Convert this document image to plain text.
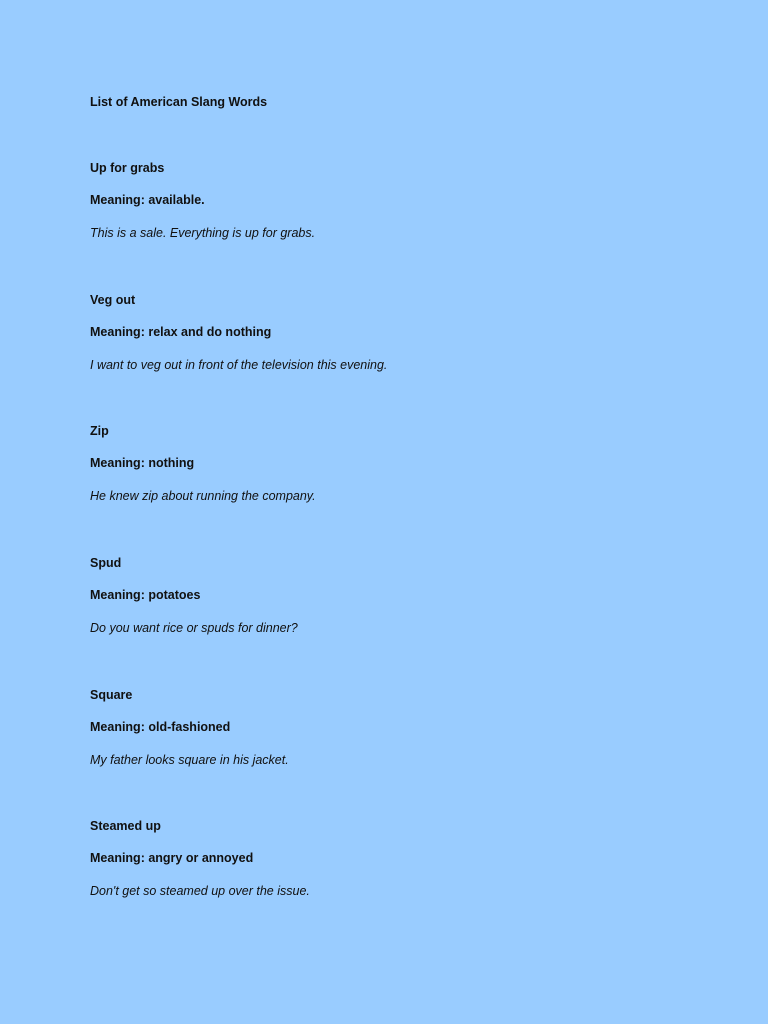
List of American Slang Words
Up for grabs
Meaning: available.
This is a sale. Everything is up for grabs.
Veg out
Meaning: relax and do nothing
I want to veg out in front of the television this evening.
Zip
Meaning: nothing
He knew zip about running the company.
Spud
Meaning: potatoes
Do you want rice or spuds for dinner?
Square
Meaning: old-fashioned
My father looks square in his jacket.
Steamed up
Meaning: angry or annoyed
Don't get so steamed up over the issue.
